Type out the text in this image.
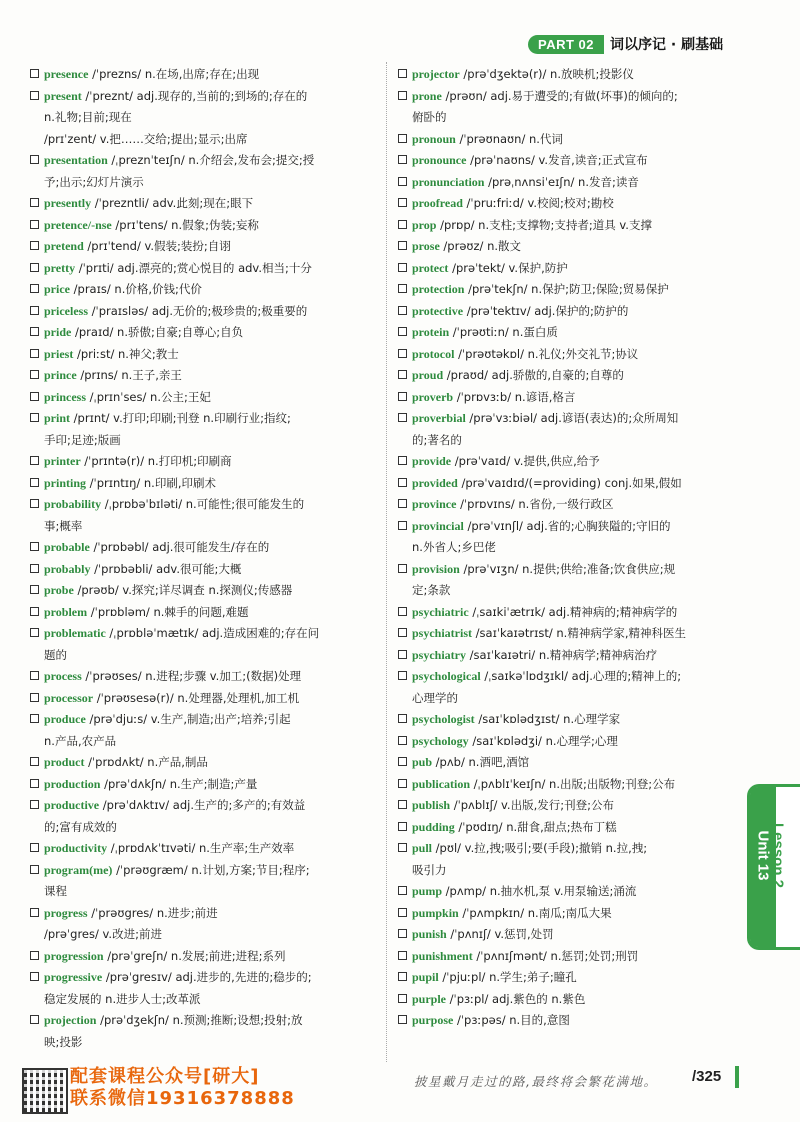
PART 02	词以序记 · 刷基础
presence /ˈprezns/ n.在场,出席;存在;出现
present /ˈpreznt/ adj.现存的,当前的;到场的;存在的
n.礼物;目前;现在
/prɪˈzent/ v.把……交给;提出;显示;出席
presentation /ˌpreznˈteɪʃn/ n.介绍会,发布会;提交;授
予;出示;幻灯片演示
presently /ˈprezntli/ adv.此刻;现在;眼下
pretence/-nse /prɪˈtens/ n.假象;伪装;妄称
pretend /prɪˈtend/ v.假装;装扮;自诩
pretty /ˈprɪti/ adj.漂亮的;赏心悦目的 adv.相当;十分
price /praɪs/ n.价格,价钱;代价
priceless /ˈpraɪsləs/ adj.无价的;极珍贵的;极重要的
pride /praɪd/ n.骄傲;自豪;自尊心;自负
priest /priːst/ n.神父;教士
prince /prɪns/ n.王子,亲王
princess /ˌprɪnˈses/ n.公主;王妃
print /prɪnt/ v.打印;印刷;刊登 n.印刷行业;指纹;
手印;足迹;版画
printer /ˈprɪntə(r)/ n.打印机;印刷商
printing /ˈprɪntɪŋ/ n.印刷,印刷术
probability /ˌprɒbəˈbɪləti/ n.可能性;很可能发生的
事;概率
probable /ˈprɒbəbl/ adj.很可能发生/存在的
probably /ˈprɒbəbli/ adv.很可能;大概
probe /prəʊb/ v.探究;详尽调查 n.探测仪;传感器
problem /ˈprɒbləm/ n.棘手的问题,难题
problematic /ˌprɒbləˈmætɪk/ adj.造成困难的;存在问
题的
process /ˈprəʊses/ n.进程;步骤 v.加工;(数据)处理
processor /ˈprəʊsesə(r)/ n.处理器,处理机,加工机
produce /prəˈdjuːs/ v.生产,制造;出产;培养;引起
n.产品,农产品
product /ˈprɒdʌkt/ n.产品,制品
production /prəˈdʌkʃn/ n.生产;制造;产量
productive /prəˈdʌktɪv/ adj.生产的;多产的;有效益
的;富有成效的
productivity /ˌprɒdʌkˈtɪvəti/ n.生产率;生产效率
program(me) /ˈprəʊgræm/ n.计划,方案;节目;程序;
课程
progress /ˈprəʊgres/ n.进步;前进
/prəˈgres/ v.改进;前进
progression /prəˈgreʃn/ n.发展;前进;进程;系列
progressive /prəˈgresɪv/ adj.进步的,先进的;稳步的;
稳定发展的 n.进步人士;改革派
projection /prəˈdʒekʃn/ n.预测;推断;设想;投射;放
映;投影
projector /prəˈdʒektə(r)/ n.放映机;投影仪
prone /prəʊn/ adj.易于遭受的;有做(坏事)的倾向的;
俯卧的
pronoun /ˈprəʊnaʊn/ n.代词
pronounce /prəˈnaʊns/ v.发音,读音;正式宣布
pronunciation /prəˌnʌnsiˈeɪʃn/ n.发音;读音
proofread /ˈpruːfriːd/ v.校阅;校对;勘校
prop /prɒp/ n.支柱;支撑物;支持者;道具 v.支撑
prose /prəʊz/ n.散文
protect /prəˈtekt/ v.保护,防护
protection /prəˈtekʃn/ n.保护;防卫;保险;贸易保护
protective /prəˈtektɪv/ adj.保护的;防护的
protein /ˈprəʊtiːn/ n.蛋白质
protocol /ˈprəʊtəkɒl/ n.礼仪;外交礼节;协议
proud /praʊd/ adj.骄傲的,自豪的;自尊的
proverb /ˈprɒvɜːb/ n.谚语,格言
proverbial /prəˈvɜːbiəl/ adj.谚语(表达)的;众所周知
的;著名的
provide /prəˈvaɪd/ v.提供,供应,给予
provided /prəˈvaɪdɪd/(=providing) conj.如果,假如
province /ˈprɒvɪns/ n.省份,一级行政区
provincial /prəˈvɪnʃl/ adj.省的;心胸狭隘的;守旧的
n.外省人;乡巴佬
provision /prəˈvɪʒn/ n.提供;供给;准备;饮食供应;规
定;条款
psychiatric /ˌsaɪkiˈætrɪk/ adj.精神病的;精神病学的
psychiatrist /saɪˈkaɪətrɪst/ n.精神病学家,精神科医生
psychiatry /saɪˈkaɪətri/ n.精神病学;精神病治疗
psychological /ˌsaɪkəˈlɒdʒɪkl/ adj.心理的;精神上的;
心理学的
psychologist /saɪˈkɒlədʒɪst/ n.心理学家
psychology /saɪˈkɒlədʒi/ n.心理学;心理
pub /pʌb/ n.酒吧,酒馆
publication /ˌpʌblɪˈkeɪʃn/ n.出版;出版物;刊登;公布
publish /ˈpʌblɪʃ/ v.出版,发行;刊登;公布
pudding /ˈpʊdɪŋ/ n.甜食,甜点;热布丁糕
pull /pʊl/ v.拉,拽;吸引;要(手段);撤销 n.拉,拽;
吸引力
pump /pʌmp/ n.抽水机,泵 v.用泵输送;涌流
pumpkin /ˈpʌmpkɪn/ n.南瓜;南瓜大果
punish /ˈpʌnɪʃ/ v.惩罚,处罚
punishment /ˈpʌnɪʃmənt/ n.惩罚;处罚;刑罚
pupil /ˈpjuːpl/ n.学生;弟子;瞳孔
purple /ˈpɜːpl/ adj.紫色的 n.紫色
purpose /ˈpɜːpəs/ n.目的,意图
Unit 13
Lesson 2
配套课程公众号[研大]
联系微信19316378888
披星戴月走过的路,最终将会繁花满地。 /325
